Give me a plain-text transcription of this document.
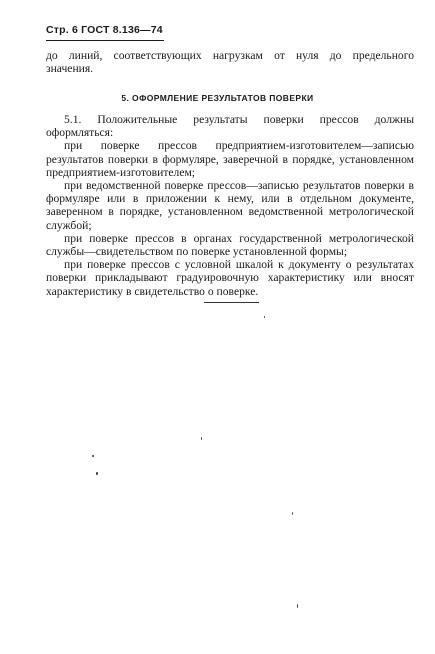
Стр. 6 ГОСТ 8.136—74
до линий, соответствующих нагрузкам от нуля до предельного
значения.
5. ОФОРМЛЕНИЕ РЕЗУЛЬТАТОВ ПОВЕРКИ

5.1. Положительные результаты поверки прессов должны оформляться:

при поверке прессов предприятием-изготовителем—записью результатов поверки в формуляре, заверечной в порядке, установленном предприятием-изготовителем;

при ведомственной поверке прессов—записью результатов поверки в формуляре или в приложении к нему, или в отдельном документе, заверенном в порядке, установленном ведомственной метрологической службой;

при поверке прессов в органах государственной метрологической службы—свидетельством по поверке установленной формы;

при поверке прессов с условной шкалой к документу о результатах поверки прикладывают градуировочную характеристику или вносят характеристику в свидетельство о поверке.
